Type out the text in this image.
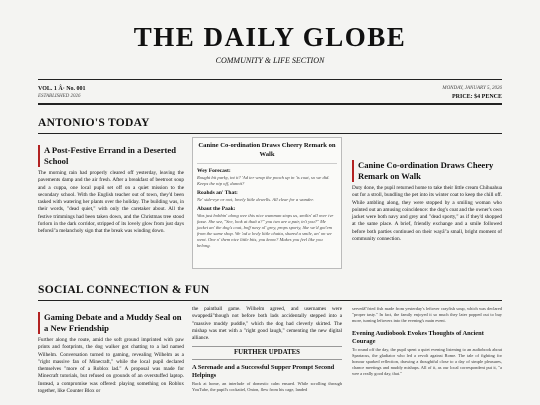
THE DAILY GLOBE
COMMUNITY & LIFE SECTION
VOL. 1 Â· No. 001
ESTABLISHED 2026
MONDAY, JANUARY 5, 2026
PRICE: $4 PENCE
ANTONIO'S TODAY
A Post-Festive Errand in a Deserted School
The morning rain had properly cleared off yesterday, leaving the pavements damp and the air fresh. After a breakfast of beetroot soup and a cuppa, one local pupil set off on a quiet mission to the secondary school. With the English teacher out of town, they'd been tasked with watering her plants over the holiday. The building was, in their words, "dead quiet," with only the caretaker about. All the festive trimmings had been taken down, and the Christmas tree stood forlorn in the dark corridor, stripped of its lovely glow from just days beforeâ"a melancholy sign that the break was winding down.
Canine Co-ordination Draws Cheery Remark on Walk
Wey Forecast:

Rought bit parky, int it? 'Ad ter wrap the pooch up in 'is coat, so we did. Keeps the nip off, dunnit?

Roahds an' That:

Ne' side-eye or owt, lovely little dewells. All clear for a wander.

Abaut the Paak:

Was just bobbin' along wee this nice wumman stops us, smilin' all over ivr fasse. She sez, "See, look at thaâ a?" you two are a pair, in't you?" Me jacket an' the dog's coat, boff navy ol' grey, props sporty, like we'd got'em from the same shop. We 'ad a lovly little chatta, shared a smile, an' on we went. One o' them nice little bits, you know? Makes you feel like you belong.

Canine Co-ordination Draws Cheery Remark on Walk
Duty done, the pupil returned home to take their little cream Chihuahua out for a stroll, bundling the pet into its winter coat to keep the chill off. While ambling along, they were stopped by a smiling woman who pointed out an amusing coincidence: the dog's coat and the owner's own jacket were both navy and grey and "dead sporty," as if they'd shopped at the same place. A brief, friendly exchange and a smile followed before both parties continued on their wayâ"a small, bright moment of community connection.
SOCIAL CONNECTION & FUN
Gaming Debate and a Muddy Seal on a New Friendship
Further along the route, amid the soft ground imprinted with paw prints and footprints, the dog walker got chatting to a lad named Wilhelm. Conversation turned to gaming, revealing Wilhelm as a "right massive fan of Minecraft," while the local pupil declared themselves "more of a Roblox lad." A proposal was made for Minecraft tutorials, but refused on grounds of an overstuffed laptop. Instead, a compromise was offered: playing something on Roblox together, like Counter Blox or
the paintball game. Wilhelm agreed, and usernames were swappedâ"though not before both lads accidentally stepped into a "massive muddy puddle," which the dog had cleverly skirted. The mishap was met with a "right good laugh," cementing the new digital alliance.
FURTHER UPDATES
A Serenade and a Successful Supper Prompt Second Helpings
Back at home, an interlude of domestic calm ensued. While scrolling through YouTube, the pupil's cockatiel, Onion, flew from his cage, landed
servedâ"fried fish made from yesterday's leftover crayfish soup, which was declared "proper tasty." In fact, the family enjoyed it so much they later popped out to buy more, turning leftovers into the evening's main event.
Evening Audiobook Evokes Thoughts of Ancient Courage
To round off the day, the pupil spent a quiet evening listening to an audiobook about Spartacus, the gladiator who led a revolt against Rome. The tale of fighting for honour sparked reflection, drawing a thoughtful close to a day of simple pleasures, chance meetings and muddy mishaps. All of it, as our local correspondent put it, "a wee a really good day, that."
